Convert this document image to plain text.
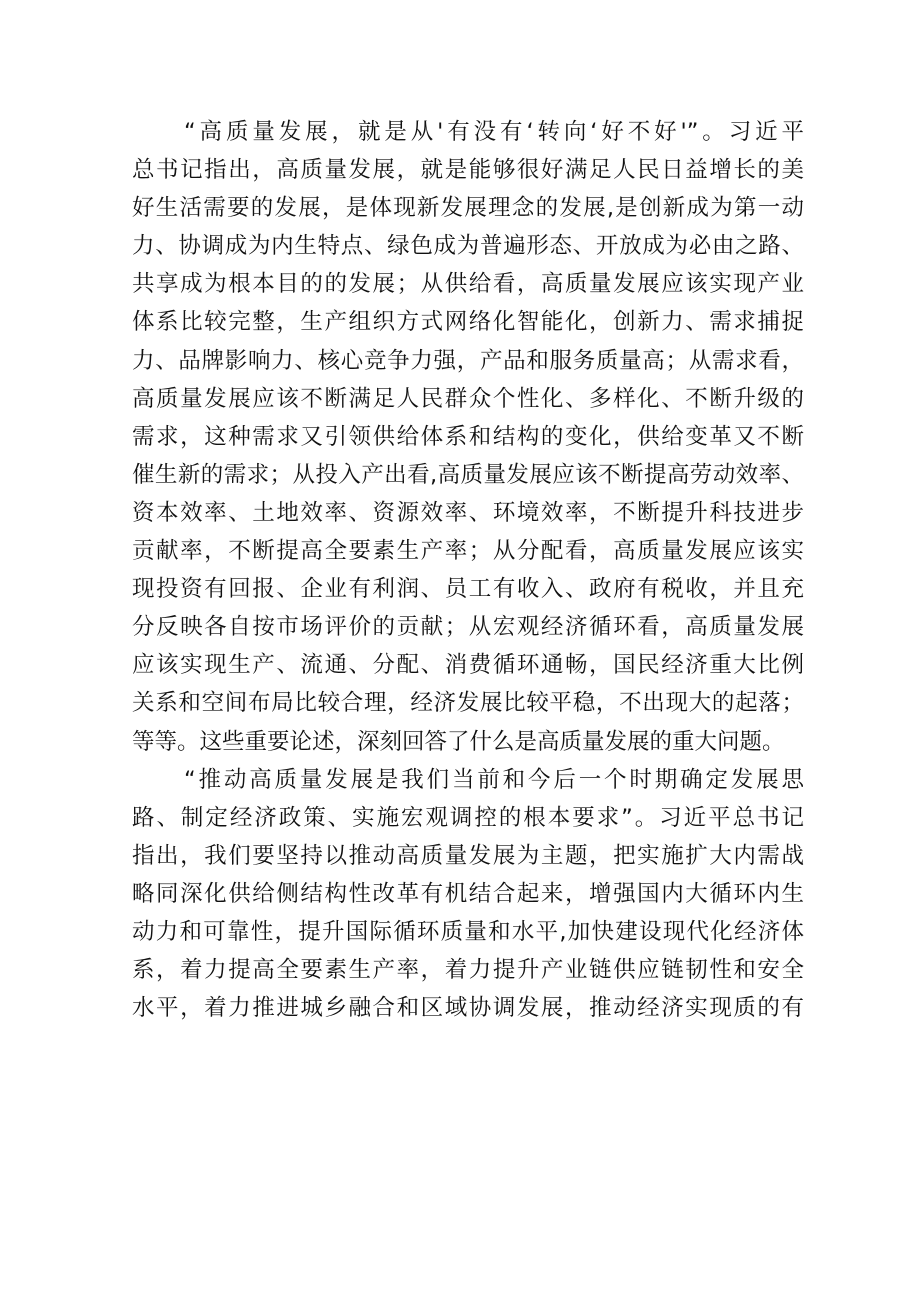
“高质量发展，就是从'有没有‘转向‘好不好'”。习近平
总书记指出，高质量发展，就是能够很好满足人民日益增长的美
好生活需要的发展，是体现新发展理念的发展,是创新成为第一动
力、协调成为内生特点、绿色成为普遍形态、开放成为必由之路、
共享成为根本目的的发展；从供给看，高质量发展应该实现产业
体系比较完整，生产组织方式网络化智能化，创新力、需求捕捉
力、品牌影响力、核心竞争力强，产品和服务质量高；从需求看，
高质量发展应该不断满足人民群众个性化、多样化、不断升级的
需求，这种需求又引领供给体系和结构的变化，供给变革又不断
催生新的需求；从投入产出看,高质量发展应该不断提高劳动效率、
资本效率、土地效率、资源效率、环境效率，不断提升科技进步
贡献率，不断提高全要素生产率；从分配看，高质量发展应该实
现投资有回报、企业有利润、员工有收入、政府有税收，并且充
分反映各自按市场评价的贡献；从宏观经济循环看，高质量发展
应该实现生产、流通、分配、消费循环通畅，国民经济重大比例
关系和空间布局比较合理，经济发展比较平稳，不出现大的起落；
等等。这些重要论述，深刻回答了什么是高质量发展的重大问题。
“推动高质量发展是我们当前和今后一个时期确定发展思
路、制定经济政策、实施宏观调控的根本要求”。习近平总书记
指出，我们要坚持以推动高质量发展为主题，把实施扩大内需战
略同深化供给侧结构性改革有机结合起来，增强国内大循环内生
动力和可靠性，提升国际循环质量和水平,加快建设现代化经济体
系，着力提高全要素生产率，着力提升产业链供应链韧性和安全
水平，着力推进城乡融合和区域协调发展，推动经济实现质的有
